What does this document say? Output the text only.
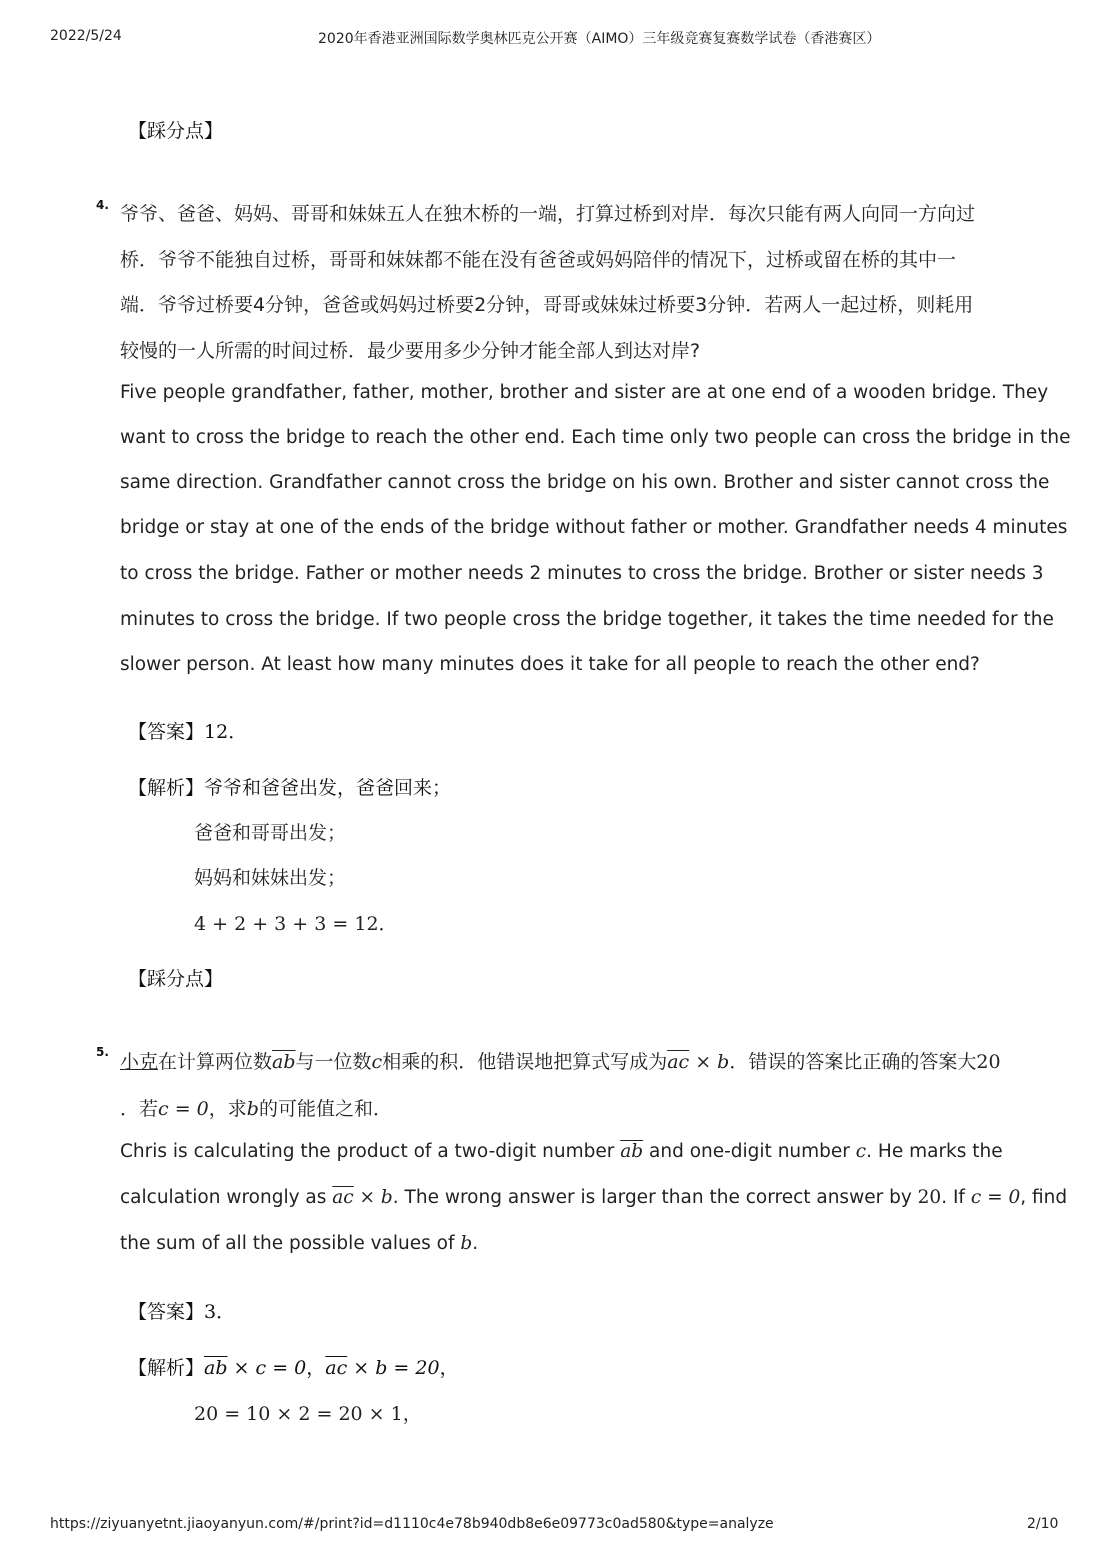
2022/5/24	2020年香港亚洲国际数学奥林匹克公开赛（AIMO）三年级竞赛复赛数学试卷（香港赛区）
【踩分点】
4. 爷爷、爸爸、妈妈、哥哥和妹妹五人在独木桥的一端，打算过桥到对岸．每次只能有两人向同一方向过
桥．爷爷不能独自过桥，哥哥和妹妹都不能在没有爸爸或妈妈陪伴的情况下，过桥或留在桥的其中一
端．爷爷过桥要4分钟，爸爸或妈妈过桥要2分钟，哥哥或妹妹过桥要3分钟．若两人一起过桥，则耗用
较慢的一人所需的时间过桥．最少要用多少分钟才能全部人到达对岸?
Five people grandfather, father, mother, brother and sister are at one end of a wooden bridge. They
want to cross the bridge to reach the other end. Each time only two people can cross the bridge in the
same direction. Grandfather cannot cross the bridge on his own. Brother and sister cannot cross the
bridge or stay at one of the ends of the bridge without father or mother. Grandfather needs 4 minutes
to cross the bridge. Father or mother needs 2 minutes to cross the bridge. Brother or sister needs 3
minutes to cross the bridge. If two people cross the bridge together, it takes the time needed for the
slower person. At least how many minutes does it take for all people to reach the other end?
【答案】12．
【解析】爷爷和爸爸出发，爸爸回来；
爸爸和哥哥出发；
妈妈和妹妹出发；
4 + 2 + 3 + 3 = 12．
【踩分点】
5. 小克在计算两位数$\overline{ab}$与一位数c相乘的积．他错误地把算式写成为$\overline{ac} \times b$．错误的答案比正确的答案大20
．若c = 0，求b的可能值之和．
Chris is calculating the product of a two-digit number $\overline{ab}$ and one-digit number c. He marks the
calculation wrongly as $\overline{ac} \times b$. The wrong answer is larger than the correct answer by 20. If c = 0, find
the sum of all the possible values of b.
【答案】3．
【解析】$\overline{ab} \times c = 0$，$\overline{ac} \times b = 20$，
20 = 10 × 2 = 20 × 1，
https://ziyuanyetnt.jiaoyanyun.com/#/print?id=d1110c4e78b940db8e6e09773c0ad580&type=analyze	2/10
